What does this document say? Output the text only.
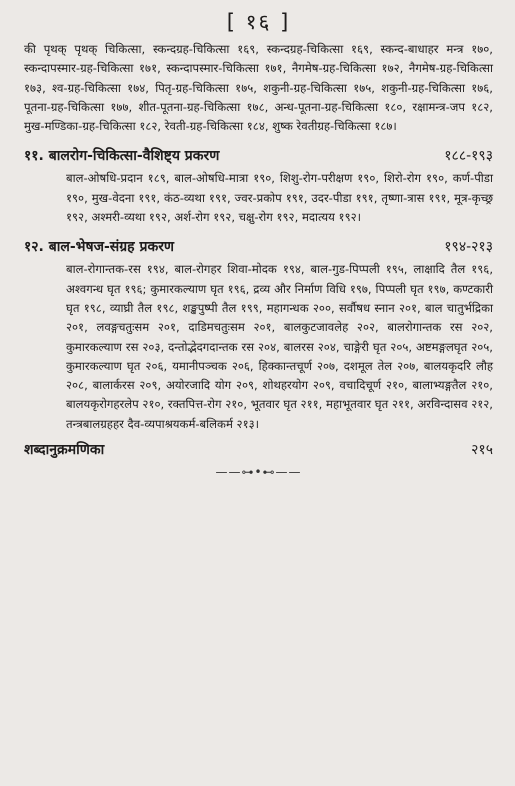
[ १६ ]

की पृथक् पृथक् चिकित्सा, स्कन्दग्रह-चिकित्सा १६९, स्कन्दग्रह-चिकित्सा १६९, स्कन्द-बाधाहर मन्त्र १७०, स्कन्दापस्मार-ग्रह-चिकित्सा १७१, स्कन्दापस्मार-चिकित्सा १७१, नैगमेष-ग्रह-चिकित्सा १७२, नैगमेष-ग्रह-चिकित्सा १७३, श्व-ग्रह-चिकित्सा १७४, पितृ-ग्रह-चिकित्सा १७५, शकुनी-ग्रह-चिकित्सा १७५, शकुनी-ग्रह-चिकित्सा १७६, पूतना-ग्रह-चिकित्सा १७७, शीत-पूतना-ग्रह-चिकित्सा १७८, अन्ध-पूतना-ग्रह-चिकित्सा १८०, रक्षामन्त्र-जप १८२, मुख-मण्डिका-ग्रह-चिकित्सा १८२, रेवती-ग्रह-चिकित्सा १८४, शुष्क रेवतीग्रह-चिकित्सा १८७।

११. बालरोग-चिकित्सा-वैशिष्ट्य प्रकरण	१८८-१९३

बाल-ओषधि-प्रदान १८९, बाल-ओषधि-मात्रा १९०, शिशु-रोग-परीक्षण १९०, शिरो-रोग १९०, कर्ण-पीडा १९०, मुख-वेदना १९१, कंठ-व्यथा १९१, ज्वर-प्रकोप १९१, उदर-पीडा १९१, तृष्णा-त्रास १९१, मूत्र-कृच्छ्र १९२, अश्मरी-व्यथा १९२, अर्श-रोग १९२, चक्षु-रोग १९२, मदात्यय १९२।

१२. बाल-भेषज-संग्रह प्रकरण	१९४-२१३

बाल-रोगान्तक-रस १९४, बाल-रोगहर शिवा-मोदक १९४, बाल-गुड-पिप्पली १९५, लाक्षादि तैल १९६, अश्वगन्ध घृत १९६; कुमारकल्याण घृत १९६, द्रव्य और निर्माण विधि १९७, पिप्पली घृत १९७, कण्टकारी घृत १९८, व्याघ्री तैल १९८, शङ्खपुष्पी तैल १९९, महागन्धक २००, सर्वौषध स्नान २०१, बाल चातुर्भद्रिका २०१, लवङ्गचतुःसम २०१, दाडिमचतुःसम २०१, बालकुटजावलेह २०२, बालरोगान्तक रस २०२, कुमारकल्याण रस २०३, दन्तोद्भेदगदान्तक रस २०४, बालरस २०४, चाङ्गेरी घृत २०५, अष्टमङ्गलघृत २०५, कुमारकल्याण घृत २०६, यमानीपञ्चक २०६, हिक्कान्तचूर्ण २०७, दशमूल तेल २०७, बालयकृदरि लौह २०८, बालार्करस २०९, अयोरजादि योग २०९, शोथहरयोग २०९, वचादिचूर्ण २१०, बालाभ्यङ्गतैल २१०, बालयकृरोगहरलेप २१०, रक्तपित्त-रोग २१०, भूतवार घृत २११, महाभूतवार घृत २११, अरविन्दासव २१२, तन्त्रबालग्रहहर दैव-व्यपाश्रयकर्म-बलिकर्म २१३।

शब्दानुक्रमणिका	२१५
——⊶•⊷——
